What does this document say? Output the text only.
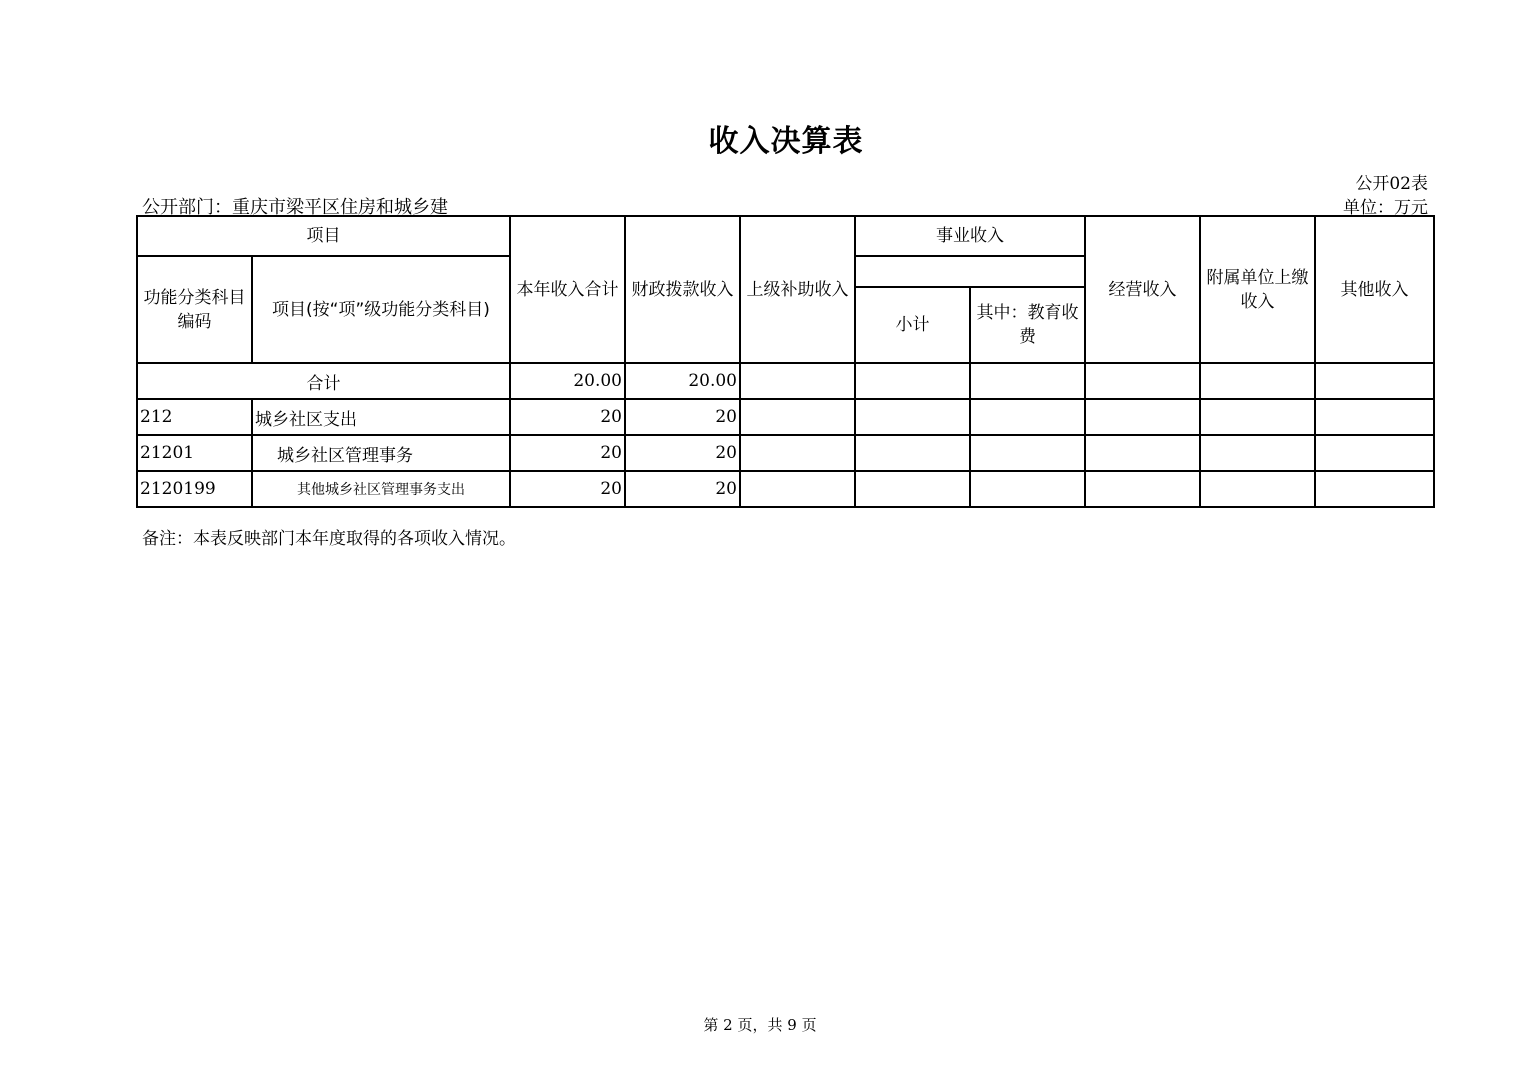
收入决算表
公开02表
公开部门：重庆市梁平区住房和城乡建	单位：万元
项目		本年收入合计	财政拨款收入	上级补助收入	事业收入		经营收入	附属单位上缴收入	其他收入
功能分类科目编码	项目(按“项”级功能分类科目)								
					小计	其中：教育收费			
合计		20.00	20.00						
212	城乡社区支出	20	20						
21201	城乡社区管理事务	20	20						
2120199	其他城乡社区管理事务支出	20	20						
备注：本表反映部门本年度取得的各项收入情况。
第 2 页，共 9 页
